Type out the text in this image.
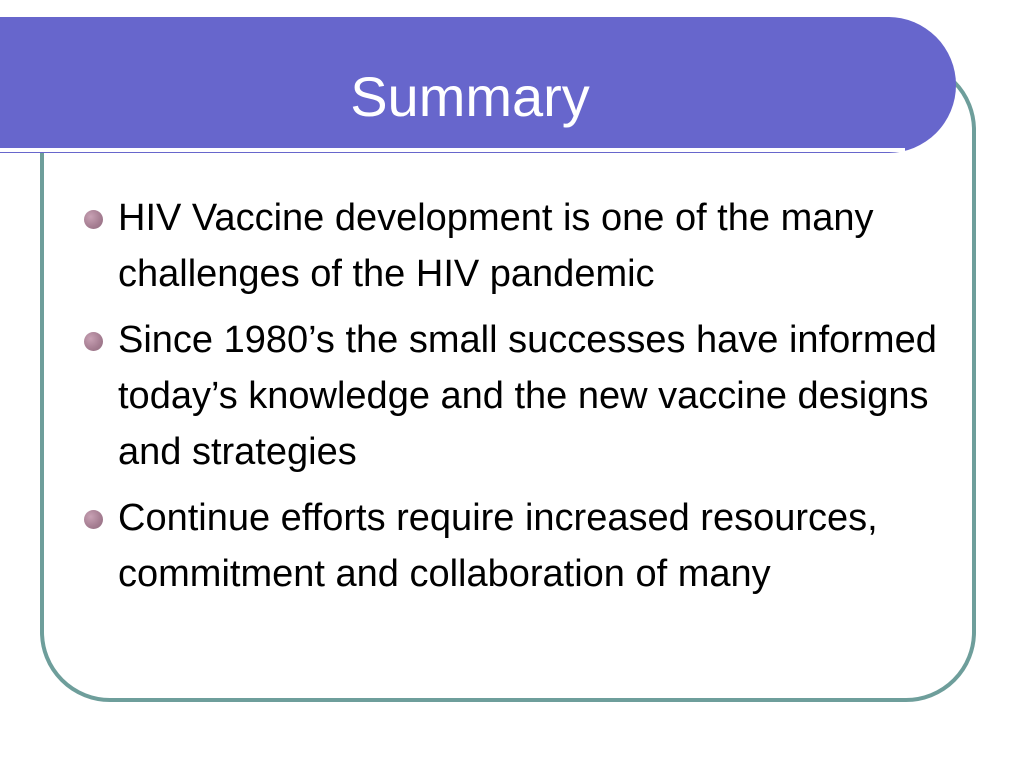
Summary
HIV Vaccine development is one of the many challenges of the HIV pandemic
Since 1980’s the small successes have informed today’s knowledge and the new vaccine designs and strategies
Continue efforts require increased resources, commitment and collaboration of many
